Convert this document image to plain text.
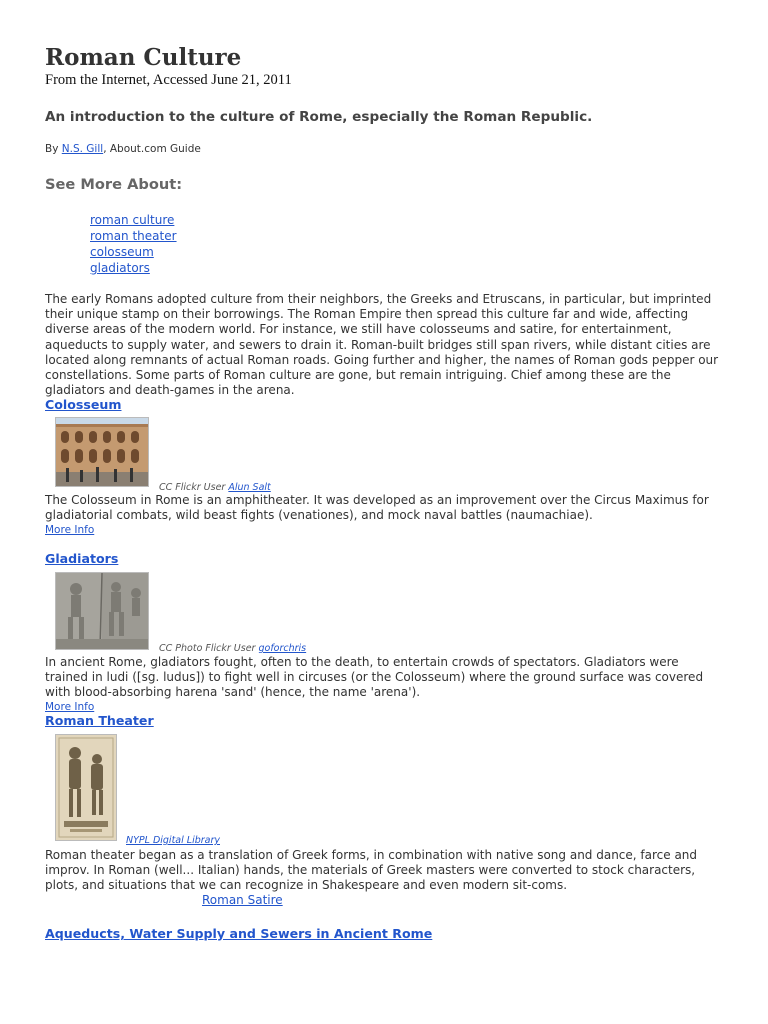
Roman Culture
From the Internet, Accessed June 21, 2011
An introduction to the culture of Rome, especially the Roman Republic.
By N.S. Gill, About.com Guide
See More About:
roman culture
roman theater
colosseum
gladiators

The early Romans adopted culture from their neighbors, the Greeks and Etruscans, in particular, but imprinted their unique stamp on their borrowings. The Roman Empire then spread this culture far and wide, affecting diverse areas of the modern world. For instance, we still have colosseums and satire, for entertainment, aqueducts to supply water, and sewers to drain it. Roman-built bridges still span rivers, while distant cities are located along remnants of actual Roman roads. Going further and higher, the names of Roman gods pepper our constellations. Some parts of Roman culture are gone, but remain intriguing. Chief among these are the gladiators and death-games in the arena.

Colosseum
CC Flickr User Alun Salt

The Colosseum in Rome is an amphitheater. It was developed as an improvement over the Circus Maximus for gladiatorial combats, wild beast fights (venationes), and mock naval battles (naumachiae).

More Info
Gladiators
CC Photo Flickr User goforchris

In ancient Rome, gladiators fought, often to the death, to entertain crowds of spectators. Gladiators were trained in ludi ([sg. ludus]) to fight well in circuses (or the Colosseum) where the ground surface was covered with blood-absorbing harena 'sand' (hence, the name 'arena').

More Info
Roman Theater
NYPL Digital Library

Roman theater began as a translation of Greek forms, in combination with native song and dance, farce and improv. In Roman (well... Italian) hands, the materials of Greek masters were converted to stock characters, plots, and situations that we can recognize in Shakespeare and even modern sit-coms.

Roman Satire
Aqueducts, Water Supply and Sewers in Ancient Rome
